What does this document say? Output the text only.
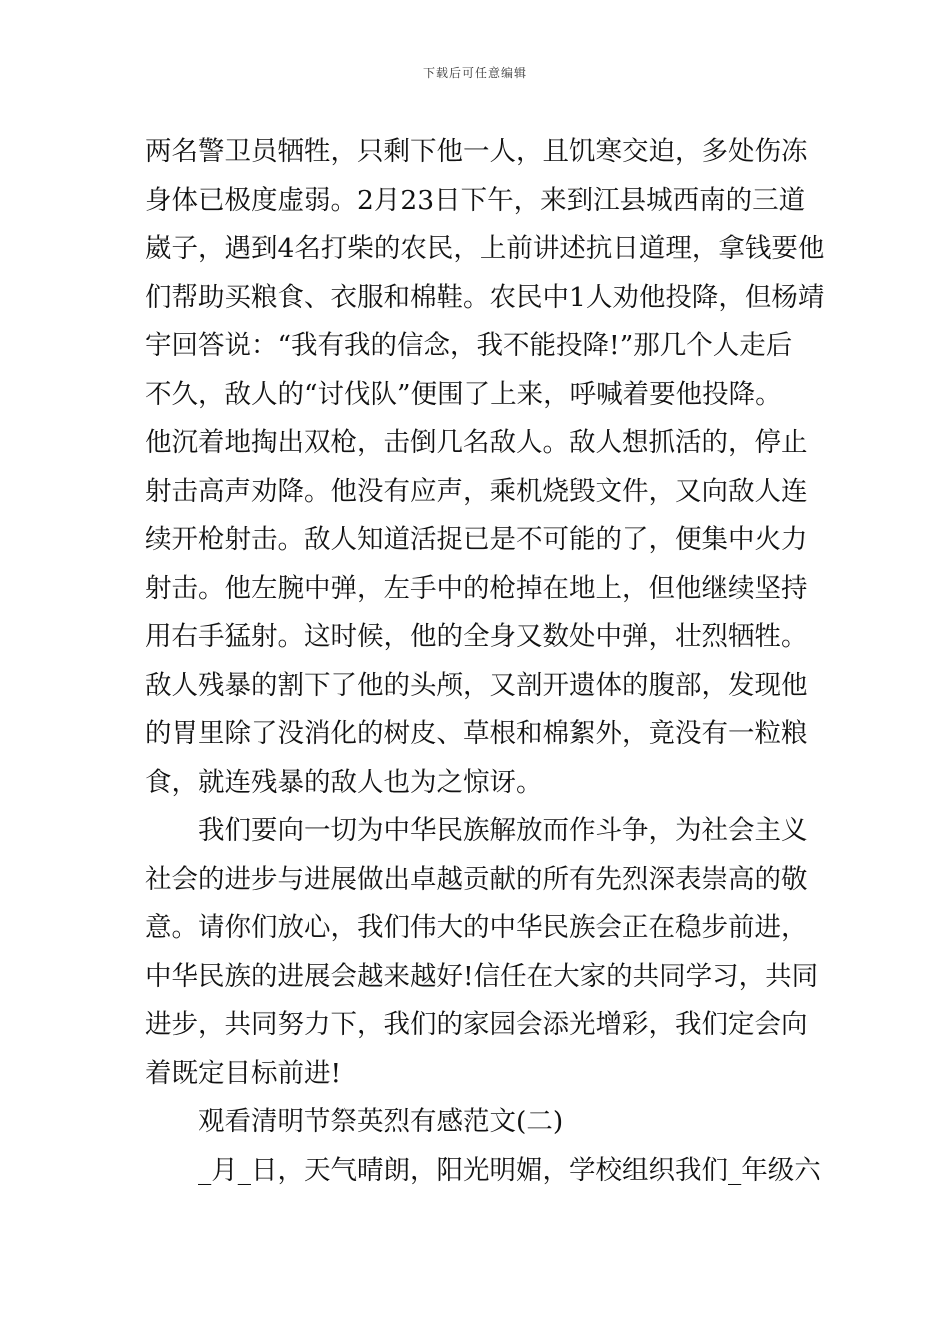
下载后可任意编辑
两名警卫员牺牲，只剩下他一人，且饥寒交迫，多处伤冻
身体已极度虚弱。2月23日下午，来到江县城西南的三道
崴子，遇到4名打柴的农民，上前讲述抗日道理，拿钱要他
们帮助买粮食、衣服和棉鞋。农民中1人劝他投降，但杨靖
宇回答说：“我有我的信念，我不能投降!”那几个人走后
不久，敌人的“讨伐队”便围了上来，呼喊着要他投降。
他沉着地掏出双枪，击倒几名敌人。敌人想抓活的，停止
射击高声劝降。他没有应声，乘机烧毁文件，又向敌人连
续开枪射击。敌人知道活捉已是不可能的了，便集中火力
射击。他左腕中弹，左手中的枪掉在地上，但他继续坚持
用右手猛射。这时候，他的全身又数处中弹，壮烈牺牲。
敌人残暴的割下了他的头颅，又剖开遗体的腹部，发现他
的胃里除了没消化的树皮、草根和棉絮外，竟没有一粒粮
食，就连残暴的敌人也为之惊讶。
我们要向一切为中华民族解放而作斗争，为社会主义
社会的进步与进展做出卓越贡献的所有先烈深表崇高的敬
意。请你们放心，我们伟大的中华民族会正在稳步前进，
中华民族的进展会越来越好!信任在大家的共同学习，共同
进步，共同努力下，我们的家园会添光增彩，我们定会向
着既定目标前进!
观看清明节祭英烈有感范文(二)
_月_日，天气晴朗，阳光明媚，学校组织我们_年级六
